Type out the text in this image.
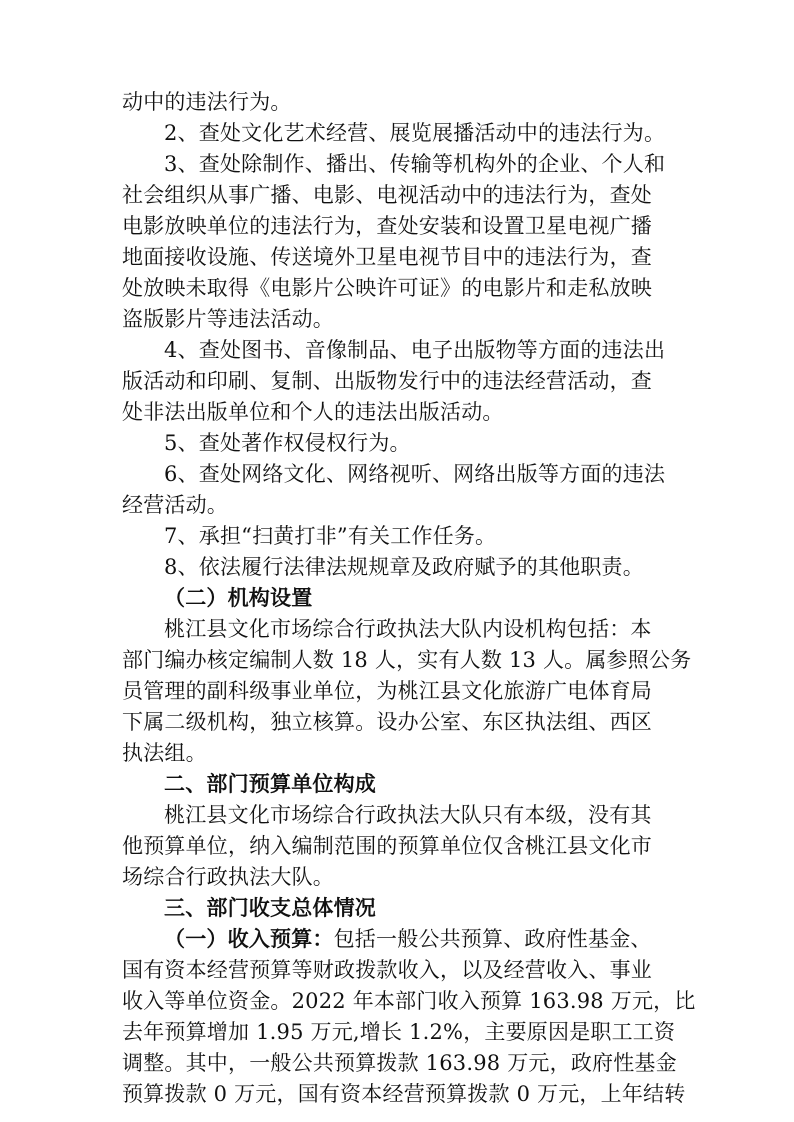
动中的违法行为。
2、查处文化艺术经营、展览展播活动中的违法行为。
3、查处除制作、播出、传输等机构外的企业、个人和
社会组织从事广播、电影、电视活动中的违法行为，查处
电影放映单位的违法行为，查处安装和设置卫星电视广播
地面接收设施、传送境外卫星电视节目中的违法行为，查
处放映未取得《电影片公映许可证》的电影片和走私放映
盗版影片等违法活动。
4、查处图书、音像制品、电子出版物等方面的违法出
版活动和印刷、复制、出版物发行中的违法经营活动，查
处非法出版单位和个人的违法出版活动。
5、查处著作权侵权行为。
6、查处网络文化、网络视听、网络出版等方面的违法
经营活动。
7、承担“扫黄打非”有关工作任务。
8、依法履行法律法规规章及政府赋予的其他职责。
（二）机构设置
桃江县文化市场综合行政执法大队内设机构包括：本
部门编办核定编制人数 18 人，实有人数 13 人。属参照公务
员管理的副科级事业单位，为桃江县文化旅游广电体育局
下属二级机构，独立核算。设办公室、东区执法组、西区
执法组。
二、部门预算单位构成
桃江县文化市场综合行政执法大队只有本级，没有其
他预算单位，纳入编制范围的预算单位仅含桃江县文化市
场综合行政执法大队。
三、部门收支总体情况
（一）收入预算：包括一般公共预算、政府性基金、
国有资本经营预算等财政拨款收入，以及经营收入、事业
收入等单位资金。2022 年本部门收入预算 163.98 万元，比
去年预算增加 1.95 万元,增长 1.2%，主要原因是职工工资
调整。其中，一般公共预算拨款 163.98 万元，政府性基金
预算拨款 0 万元，国有资本经营预算拨款 0 万元，上年结转
